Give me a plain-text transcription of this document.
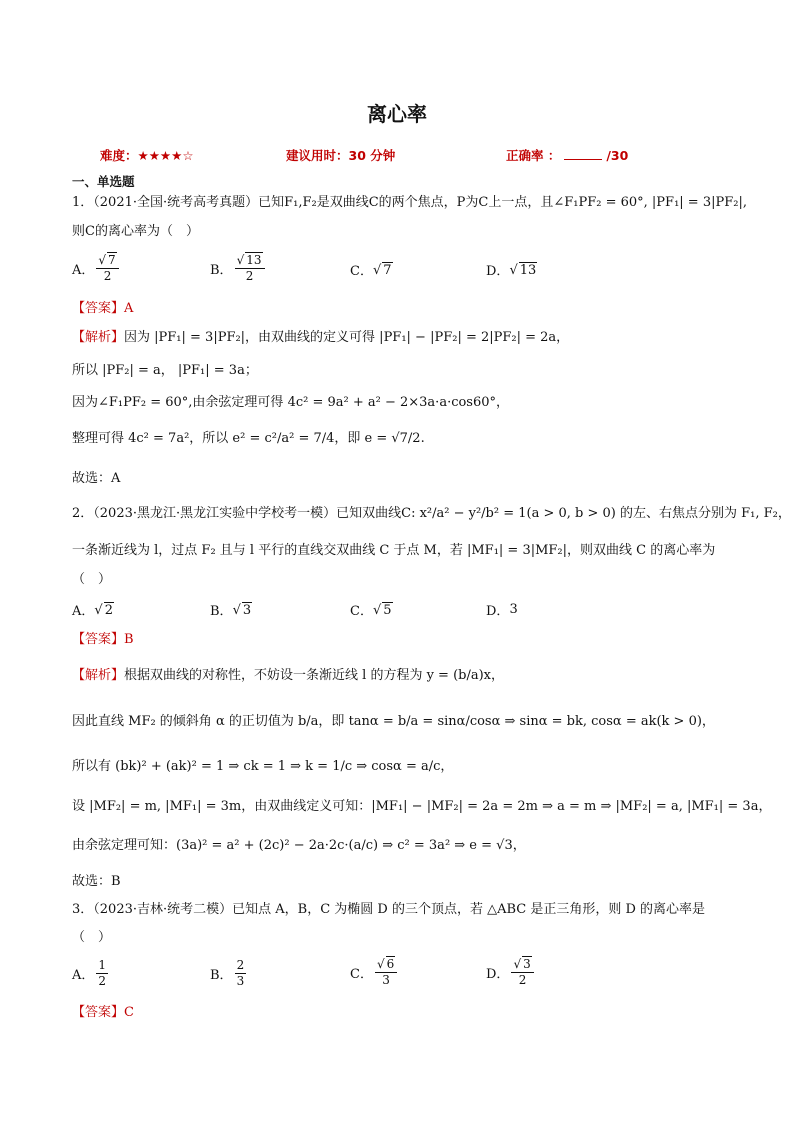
离心率
难度：★★★★☆	建议用时：30 分钟	正确率 ：	/30
一、单选题
1．（2021·全国·统考高考真题）已知F₁,F₂是双曲线C的两个焦点，P为C上一点，且∠F₁PF₂ = 60°, |PF₁| = 3|PF₂|,
则C的离心率为（　）
A． $\frac{√ 7}{2}$	B． $\frac{√ 13}{2}$	C． √ 7	D． √ 13
【答案】A
【解析】因为 |PF₁| = 3|PF₂|，由双曲线的定义可得 |PF₁| − |PF₂| = 2|PF₂| = 2a，
所以 |PF₂| = a， |PF₁| = 3a；
因为∠F₁PF₂ = 60°,由余弦定理可得 4c² = 9a² + a² − 2×3a·a·cos60°，
整理可得 4c² = 7a²，所以 e² = c²/a² = 7/4，即 e = √7/2.
故选：A
2．（2023·黑龙江·黑龙江实验中学校考一模）已知双曲线C: x²/a² − y²/b² = 1(a > 0, b > 0) 的左、右焦点分别为 F₁, F₂，
一条渐近线为 l，过点 F₂ 且与 l 平行的直线交双曲线 C 于点 M，若 |MF₁| = 3|MF₂|，则双曲线 C 的离心率为
（　）
A． √ 2	B． √ 3	C． √ 5	D． 3
【答案】B
【解析】根据双曲线的对称性，不妨设一条渐近线 l 的方程为 y = (b/a)x，
因此直线 MF₂ 的倾斜角 α 的正切值为 b/a，即 tanα = b/a = sinα/cosα ⇒ sinα = bk, cosα = ak(k > 0)，
所以有 (bk)² + (ak)² = 1 ⇒ ck = 1 ⇒ k = 1/c ⇒ cosα = a/c，
设 |MF₂| = m, |MF₁| = 3m，由双曲线定义可知：|MF₁| − |MF₂| = 2a = 2m ⇒ a = m ⇒ |MF₂| = a, |MF₁| = 3a，
由余弦定理可知：(3a)² = a² + (2c)² − 2a·2c·(a/c) ⇒ c² = 3a² ⇒ e = √3，
故选：B
3．（2023·吉林·统考二模）已知点 A，B，C 为椭圆 D 的三个顶点，若 △ABC 是正三角形，则 D 的离心率是
（　）
A． $\frac{1}{2}$	B． $\frac{2}{3}$	C． $\frac{√ 6}{3}$	D． $\frac{√ 3}{2}$
【答案】C
